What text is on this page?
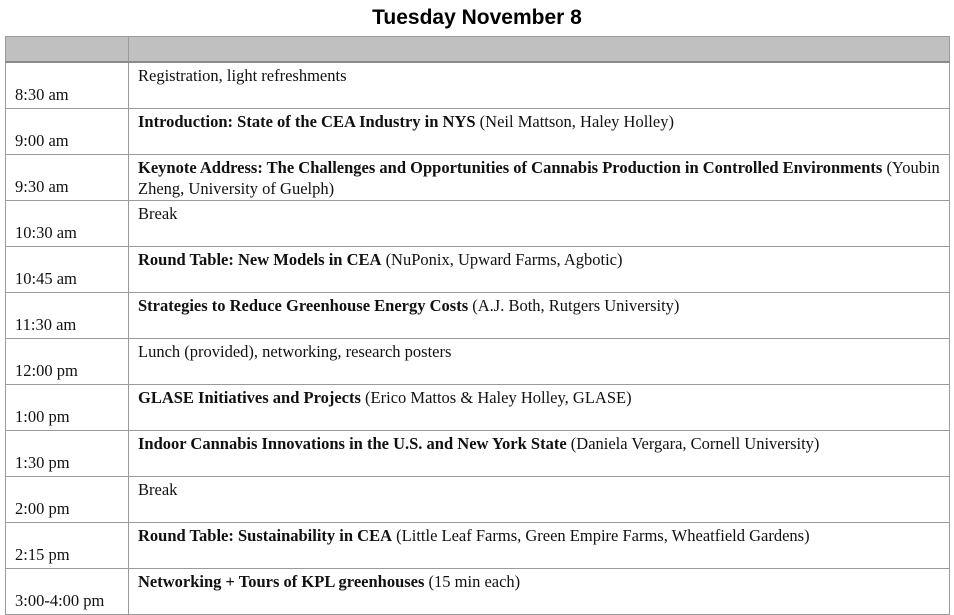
Tuesday November 8

8:30 am	Registration, light refreshments
9:00 am	Introduction: State of the CEA Industry in NYS (Neil Mattson, Haley Holley)
9:30 am	Keynote Address: The Challenges and Opportunities of Cannabis Production in Controlled Environments (Youbin Zheng, University of Guelph)
10:30 am	Break
10:45 am	Round Table: New Models in CEA (NuPonix, Upward Farms, Agbotic)
11:30 am	Strategies to Reduce Greenhouse Energy Costs (A.J. Both, Rutgers University)
12:00 pm	Lunch (provided), networking, research posters
1:00 pm	GLASE Initiatives and Projects (Erico Mattos & Haley Holley, GLASE)
1:30 pm	Indoor Cannabis Innovations in the U.S. and New York State (Daniela Vergara, Cornell University)
2:00 pm	Break
2:15 pm	Round Table: Sustainability in CEA (Little Leaf Farms, Green Empire Farms, Wheatfield Gardens)
3:00-4:00 pm	Networking + Tours of KPL greenhouses (15 min each)
